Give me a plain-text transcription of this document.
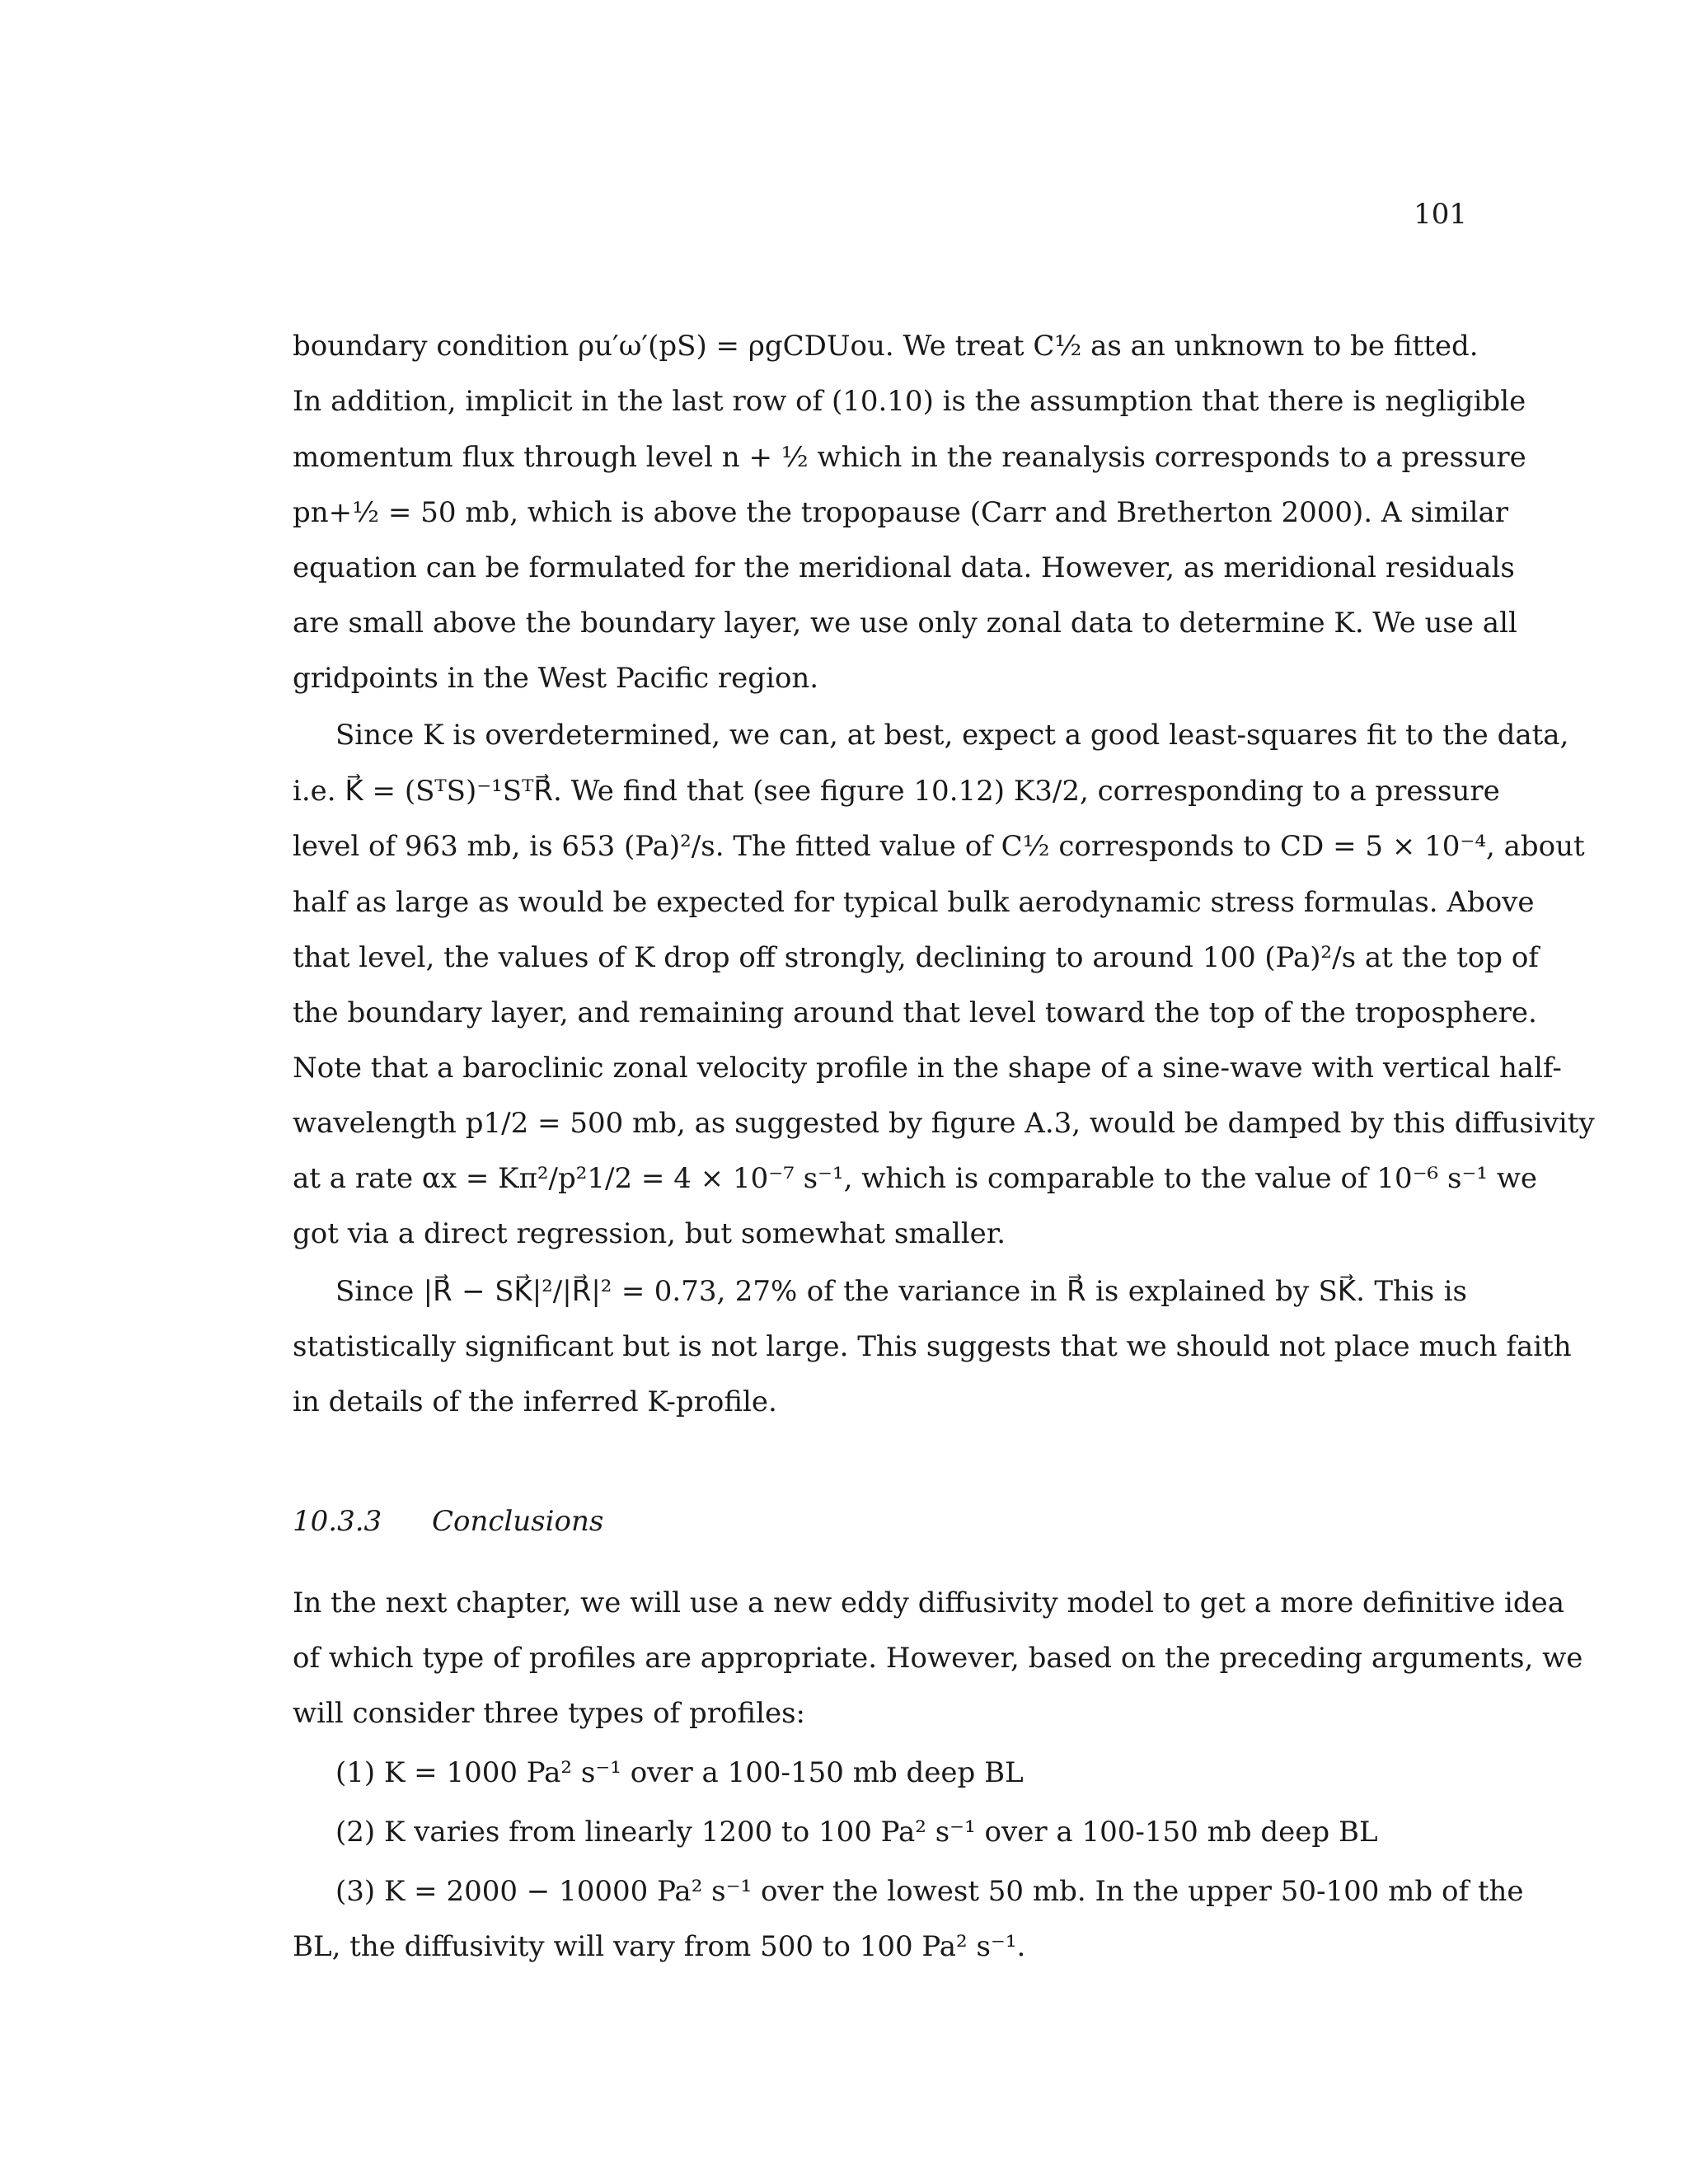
101
boundary condition ρu′ω′(pS) = ρgCDUou. We treat C½ as an unknown to be fitted.
In addition, implicit in the last row of (10.10) is the assumption that there is negligible
momentum flux through level n + ½ which in the reanalysis corresponds to a pressure
pn+½ = 50 mb, which is above the tropopause (Carr and Bretherton 2000). A similar
equation can be formulated for the meridional data. However, as meridional residuals
are small above the boundary layer, we use only zonal data to determine K. We use all
gridpoints in the West Pacific region.
Since K is overdetermined, we can, at best, expect a good least-squares fit to the data,
i.e. K⃗ = (SᵀS)⁻¹SᵀR⃗. We find that (see figure 10.12) K3/2, corresponding to a pressure
level of 963 mb, is 653 (Pa)²/s. The fitted value of C½ corresponds to CD = 5 × 10⁻⁴, about
half as large as would be expected for typical bulk aerodynamic stress formulas. Above
that level, the values of K drop off strongly, declining to around 100 (Pa)²/s at the top of
the boundary layer, and remaining around that level toward the top of the troposphere.
Note that a baroclinic zonal velocity profile in the shape of a sine-wave with vertical half-
wavelength p1/2 = 500 mb, as suggested by figure A.3, would be damped by this diffusivity
at a rate αx = Kπ²/p²1/2 = 4 × 10⁻⁷ s⁻¹, which is comparable to the value of 10⁻⁶ s⁻¹ we
got via a direct regression, but somewhat smaller.
Since |R⃗ − SK⃗|²/|R⃗|² = 0.73, 27% of the variance in R⃗ is explained by SK⃗. This is
statistically significant but is not large. This suggests that we should not place much faith
in details of the inferred K-profile.
10.3.3 Conclusions
In the next chapter, we will use a new eddy diffusivity model to get a more definitive idea
of which type of profiles are appropriate. However, based on the preceding arguments, we
will consider three types of profiles:
(1) K = 1000 Pa² s⁻¹ over a 100-150 mb deep BL
(2) K varies from linearly 1200 to 100 Pa² s⁻¹ over a 100-150 mb deep BL
(3) K = 2000 − 10000 Pa² s⁻¹ over the lowest 50 mb. In the upper 50-100 mb of the
BL, the diffusivity will vary from 500 to 100 Pa² s⁻¹.
